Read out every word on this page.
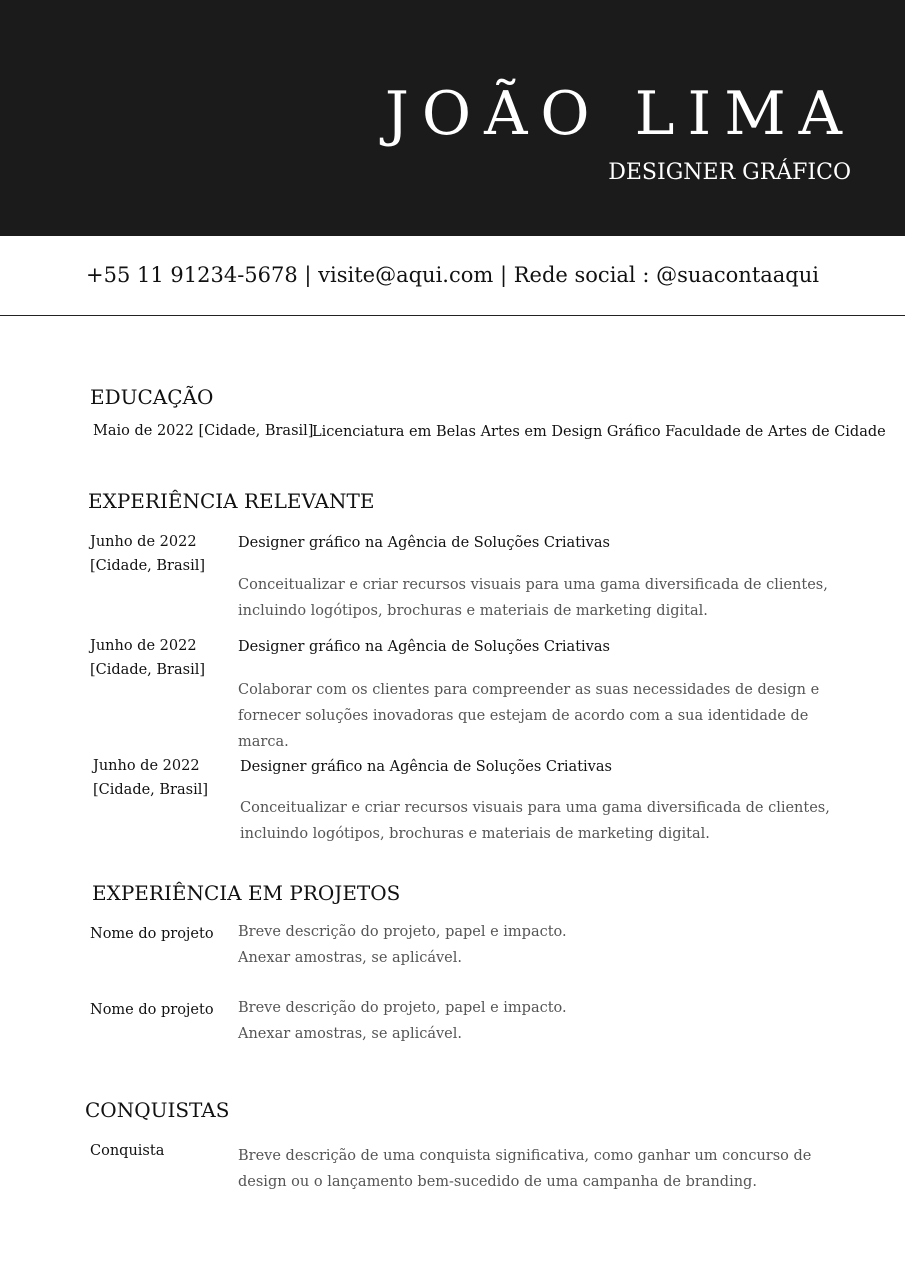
JOÃO LIMA

DESIGNER GRÁFICO

+55 11 91234-5678 | visite@aqui.com | Rede social : @suacontaaqui
EDUCAÇÃO
Maio de 2022 [Cidade, Brasil]
Licenciatura em Belas Artes em Design Gráfico Faculdade de Artes de Cidade
EXPERIÊNCIA RELEVANTE
Junho de 2022
[Cidade, Brasil]
Designer gráfico na Agência de Soluções Criativas
Conceitualizar e criar recursos visuais para uma gama diversificada de clientes, incluindo logótipos, brochuras e materiais de marketing digital.
Junho de 2022
[Cidade, Brasil]
Designer gráfico na Agência de Soluções Criativas
Colaborar com os clientes para compreender as suas necessidades de design e fornecer soluções inovadoras que estejam de acordo com a sua identidade de marca.
Junho de 2022
[Cidade, Brasil]
Designer gráfico na Agência de Soluções Criativas
Conceitualizar e criar recursos visuais para uma gama diversificada de clientes, incluindo logótipos, brochuras e materiais de marketing digital.
EXPERIÊNCIA EM PROJETOS
Nome do projeto Breve descrição do projeto, papel e impacto.
Anexar amostras, se aplicável.
Nome do projeto Breve descrição do projeto, papel e impacto.
Anexar amostras, se aplicável.
CONQUISTAS
Conquista	Breve descrição de uma conquista significativa, como ganhar um concurso de design ou o lançamento bem-sucedido de uma campanha de branding.
